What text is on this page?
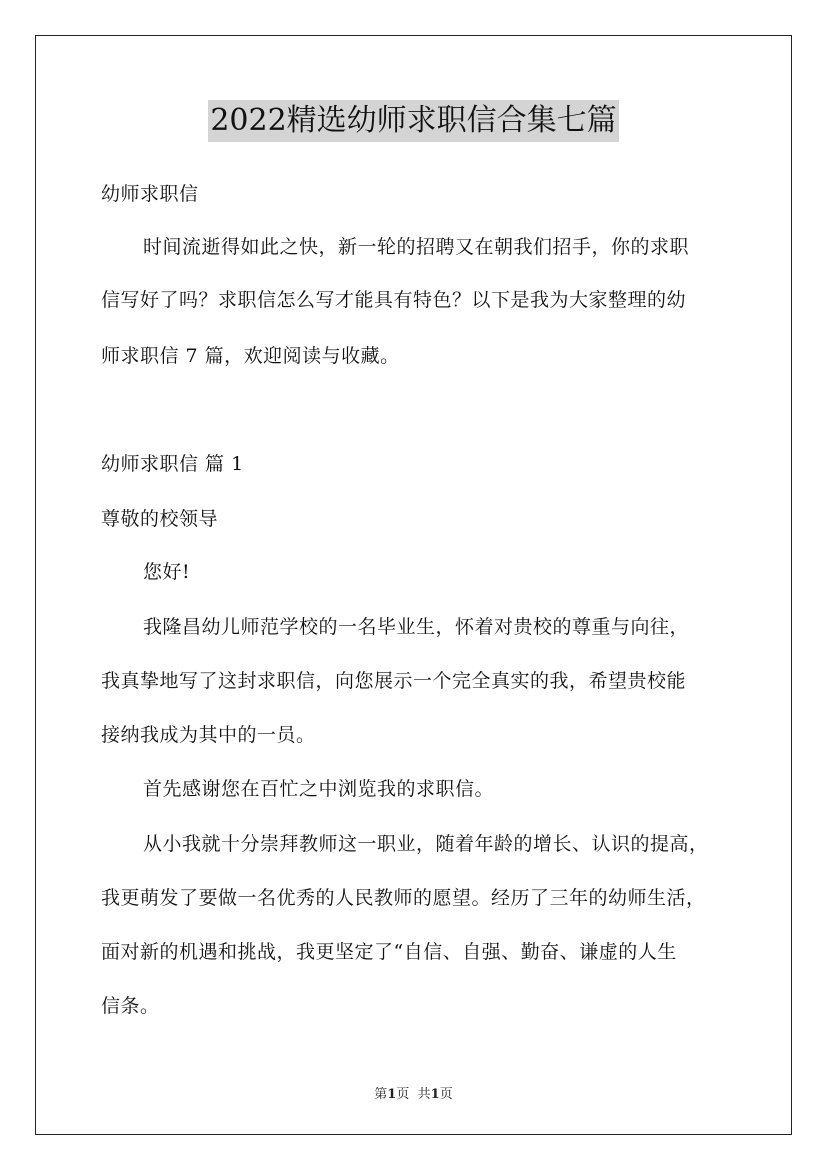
2022精选幼师求职信合集七篇
幼师求职信
时间流逝得如此之快，新一轮的招聘又在朝我们招手，你的求职
信写好了吗？求职信怎么写才能具有特色？以下是我为大家整理的幼
师求职信 7 篇，欢迎阅读与收藏。
幼师求职信 篇 1
尊敬的校领导
您好!
我隆昌幼儿师范学校的一名毕业生，怀着对贵校的尊重与向往，
我真挚地写了这封求职信，向您展示一个完全真实的我，希望贵校能
接纳我成为其中的一员。
首先感谢您在百忙之中浏览我的求职信。
从小我就十分崇拜教师这一职业，随着年龄的增长、认识的提高，
我更萌发了要做一名优秀的人民教师的愿望。经历了三年的幼师生活，
面对新的机遇和挑战，我更坚定了“自信、自强、勤奋、谦虚的人生
信条。
第1页 共1页
